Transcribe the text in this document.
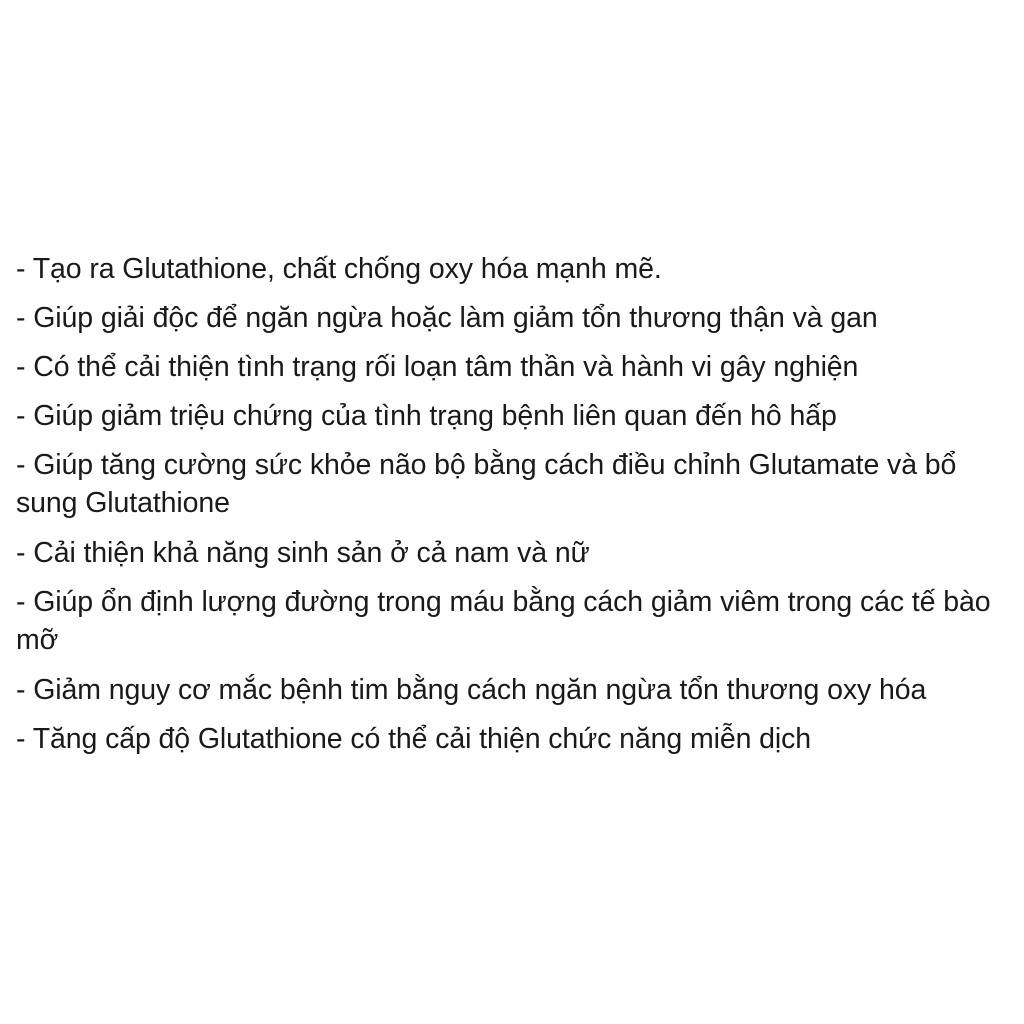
- Tạo ra Glutathione, chất chống oxy hóa mạnh mẽ.
- Giúp giải độc để ngăn ngừa hoặc làm giảm tổn thương thận và gan
- Có thể cải thiện tình trạng rối loạn tâm thần và hành vi gây nghiện
- Giúp giảm triệu chứng của tình trạng bệnh liên quan đến hô hấp
- Giúp tăng cường sức khỏe não bộ bằng cách điều chỉnh Glutamate và bổ sung Glutathione
- Cải thiện khả năng sinh sản ở cả nam và nữ
- Giúp ổn định lượng đường trong máu bằng cách giảm viêm trong các tế bào mỡ
- Giảm nguy cơ mắc bệnh tim bằng cách ngăn ngừa tổn thương oxy hóa
- Tăng cấp độ Glutathione có thể cải thiện chức năng miễn dịch
